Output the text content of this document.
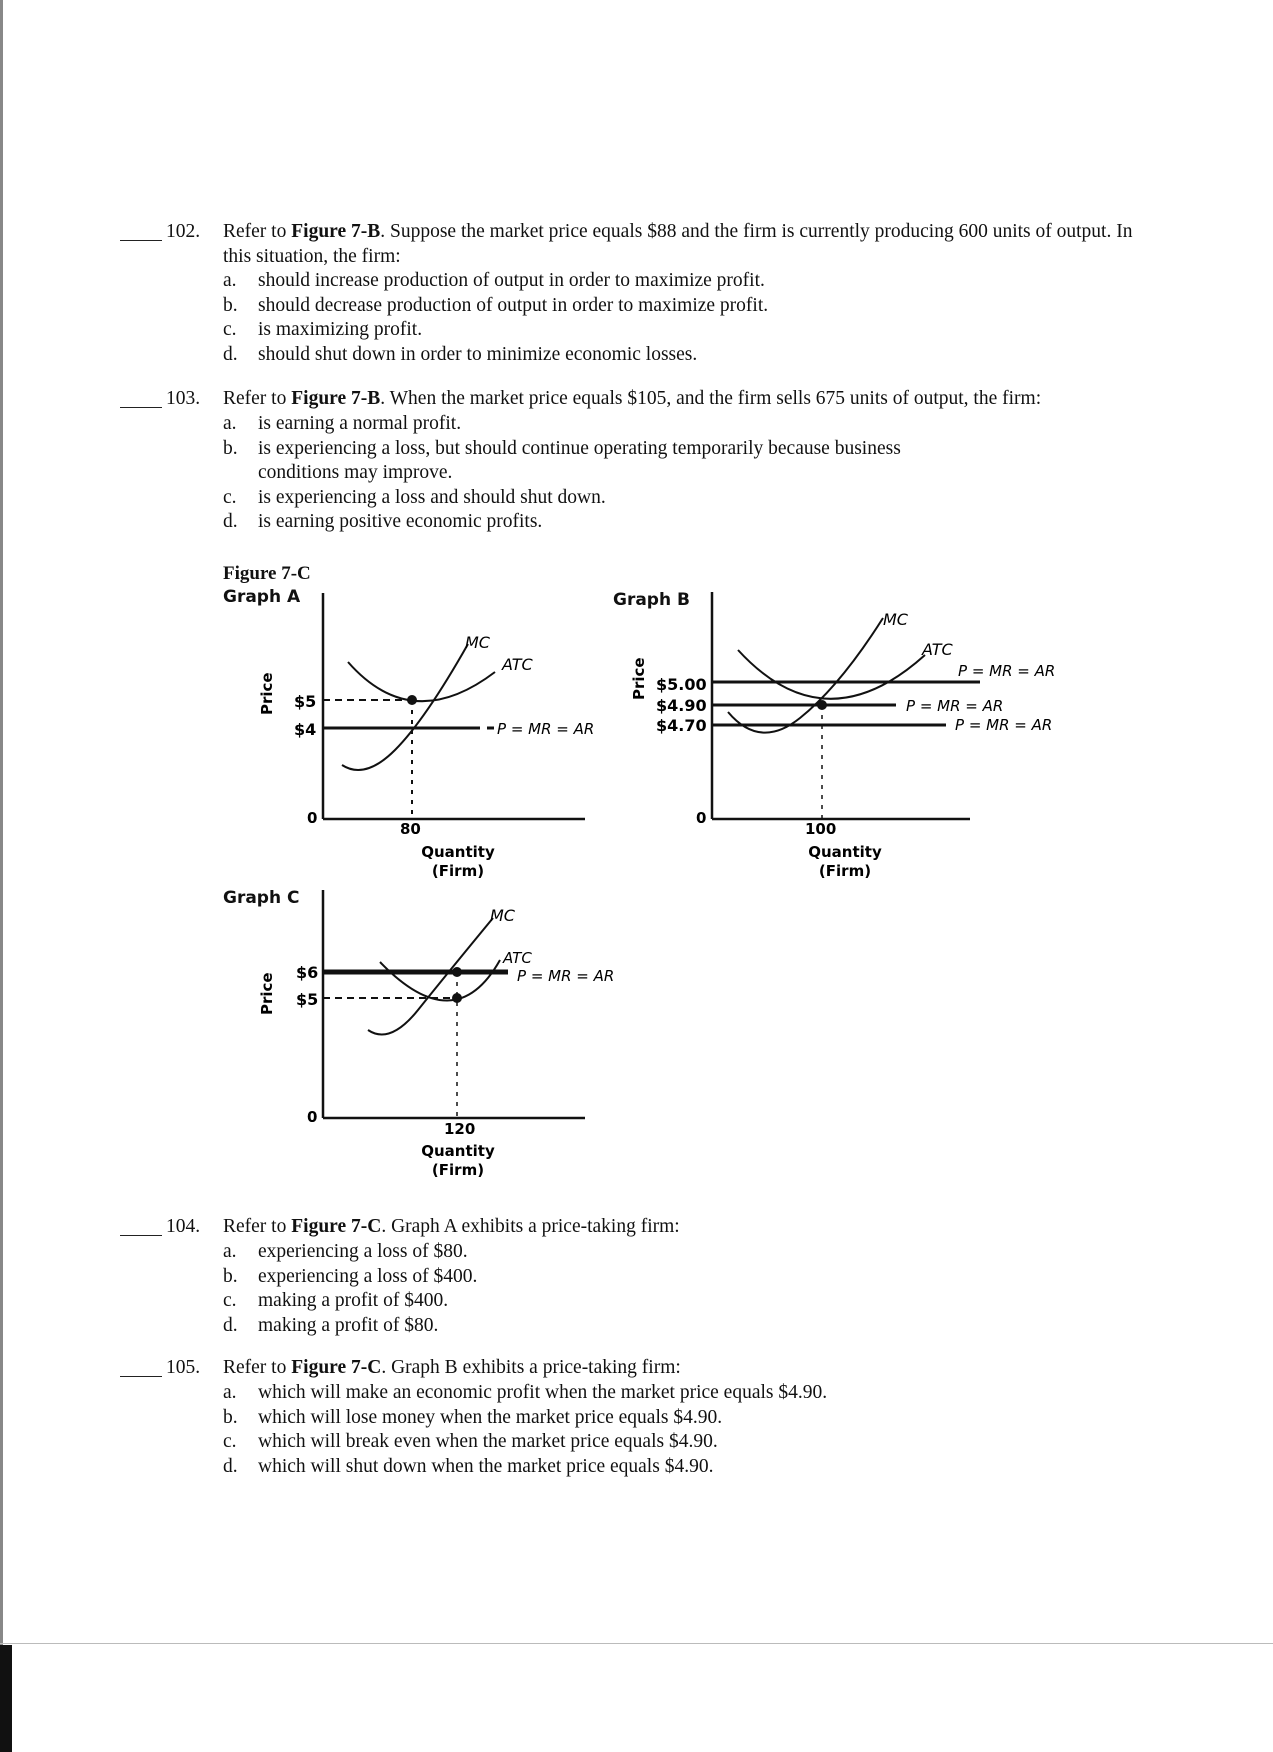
102. Refer to Figure 7-B. Suppose the market price equals $88 and the firm is currently producing 600 units of output. In this situation, the firm:
a. should increase production of output in order to maximize profit.
b. should decrease production of output in order to maximize profit.
c. is maximizing profit.
d. should shut down in order to minimize economic losses.
103. Refer to Figure 7-B. When the market price equals $105, and the firm sells 675 units of output, the firm:
a. is earning a normal profit.
b. is experiencing a loss, but should continue operating temporarily because business conditions may improve.
c. is experiencing a loss and should shut down.
d. is earning positive economic profits.
Figure 7-C
Graph A	Graph B
Graph C
Price $5
$4
0
P = MR = AR
MC
ATC
80
Quantity
(Firm)
Price $5.00
$4.90
$4.70
0
MC
ATC
P = MR = AR
P = MR = AR
P = MR = AR
100
Quantity
(Firm)
Price $6
$5
0
MC
ATC
P = MR = AR
120
Quantity
(Firm)
104. Refer to Figure 7-C. Graph A exhibits a price-taking firm:
a. experiencing a loss of $80.
b. experiencing a loss of $400.
c. making a profit of $400.
d. making a profit of $80.
105. Refer to Figure 7-C. Graph B exhibits a price-taking firm:
a. which will make an economic profit when the market price equals $4.90.
b. which will lose money when the market price equals $4.90.
c. which will break even when the market price equals $4.90.
d. which will shut down when the market price equals $4.90.
